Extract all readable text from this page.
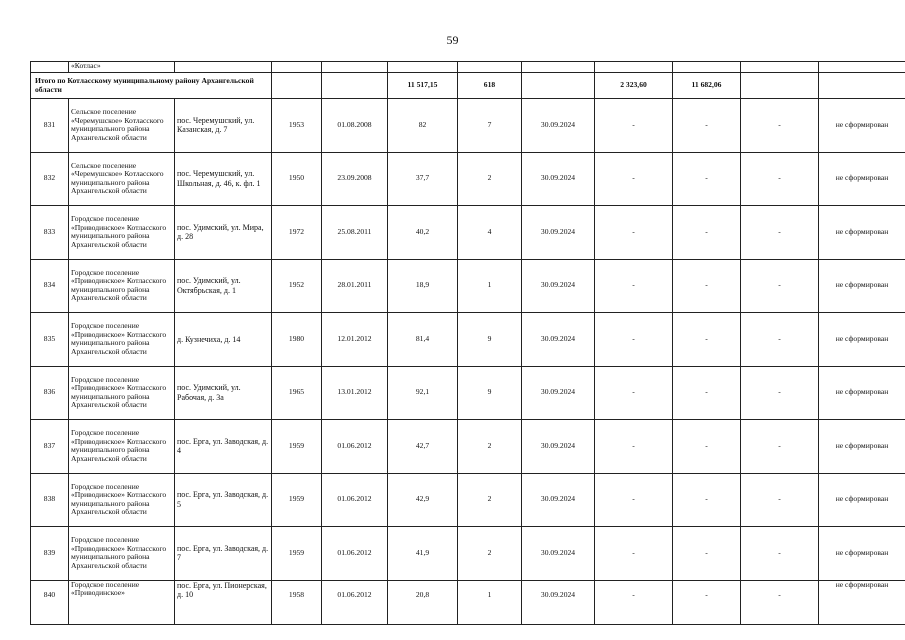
59
	«Котлас»										
Итого по Котласскому муниципальному району Архангельской области					11 517,15	618		2 323,60	11 682,06		
831	Сельское поселение «Черемушское» Котласского муниципального района Архангельской области	пос. Черемушский, ул. Казанская, д. 7	1953	01.08.2008	82	7	30.09.2024	-	-	-	не сформирован
832	Сельское поселение «Черемушское» Котласского муниципального района Архангельской области	пос. Черемушский, ул. Школьная, д. 46, к. фл. 1	1950	23.09.2008	37,7	2	30.09.2024	-	-	-	не сформирован
833	Городское поселение «Приводинское» Котласского муниципального района Архангельской области	пос. Удимский, ул. Мира, д. 28	1972	25.08.2011	40,2	4	30.09.2024	-	-	-	не сформирован
834	Городское поселение «Приводинское» Котласского муниципального района Архангельской области	пос. Удимский, ул. Октябрьская, д. 1	1952	28.01.2011	18,9	1	30.09.2024	-	-	-	не сформирован
835	Городское поселение «Приводинское» Котласского муниципального района Архангельской области	д. Кузнечиха, д. 14	1980	12.01.2012	81,4	9	30.09.2024	-	-	-	не сформирован
836	Городское поселение «Приводинское» Котласского муниципального района Архангельской области	пос. Удимский, ул. Рабочая, д. 3а	1965	13.01.2012	92,1	9	30.09.2024	-	-	-	не сформирован
837	Городское поселение «Приводинское» Котласского муниципального района Архангельской области	пос. Ерга, ул. Заводская, д. 4	1959	01.06.2012	42,7	2	30.09.2024	-	-	-	не сформирован
838	Городское поселение «Приводинское» Котласского муниципального района Архангельской области	пос. Ерга, ул. Заводская, д. 5	1959	01.06.2012	42,9	2	30.09.2024	-	-	-	не сформирован
839	Городское поселение «Приводинское» Котласского муниципального района Архангельской области	пос. Ерга, ул. Заводская, д. 7	1959	01.06.2012	41,9	2	30.09.2024	-	-	-	не сформирован
840	Городское поселение «Приводинское»	пос. Ерга, ул. Пионерская, д. 10	1958	01.06.2012	20,8	1	30.09.2024	-	-	-	не сформирован
